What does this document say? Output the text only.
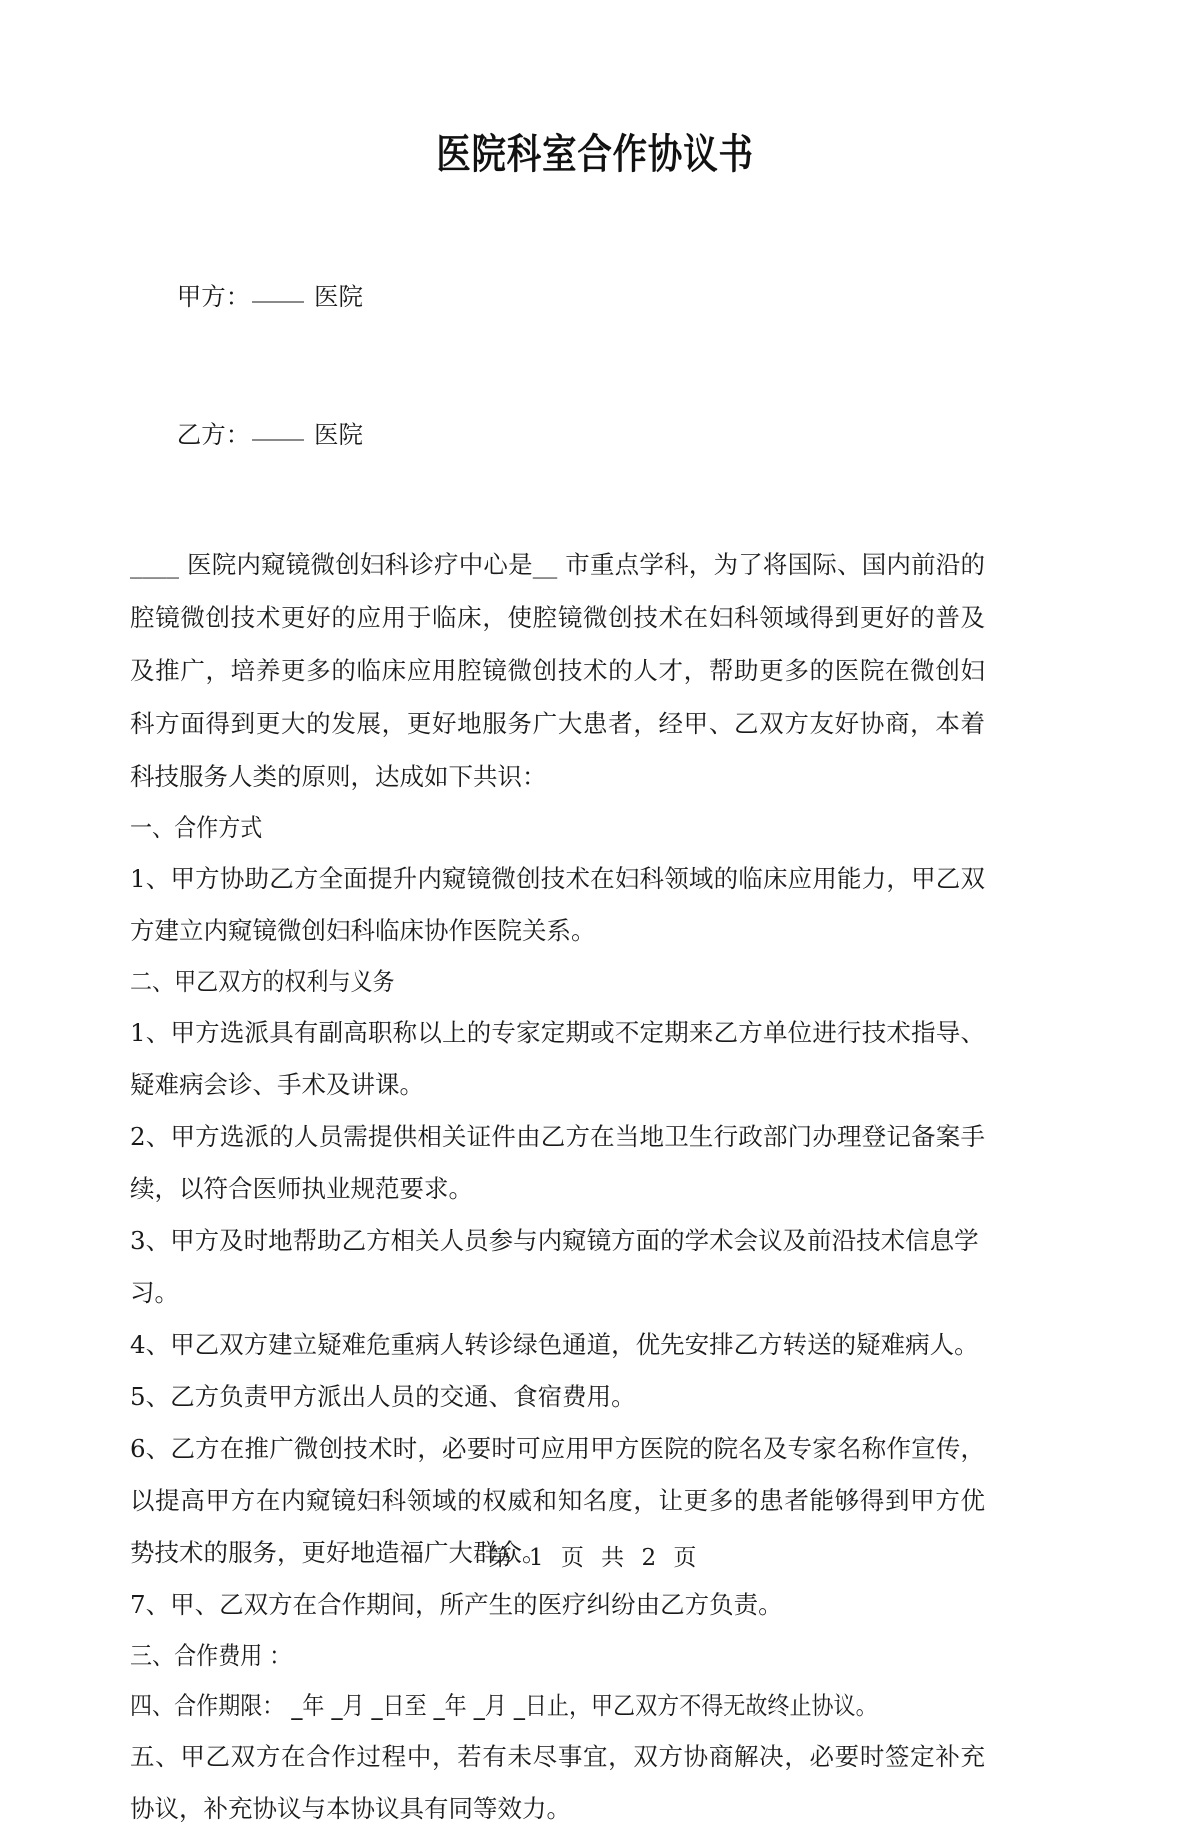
医院科室合作协议书

甲方：	医院

乙方：	医院

____ 医院内窥镜微创妇科诊疗中心是__ 市重点学科，为了将国际、国内前沿的腔镜微创技术更好的应用于临床，使腔镜微创技术在妇科领域得到更好的普及及推广，培养更多的临床应用腔镜微创技术的人才，帮助更多的医院在微创妇科方面得到更大的发展，更好地服务广大患者，经甲、乙双方友好协商，本着科技服务人类的原则，达成如下共识：
一、合作方式
1、甲方协助乙方全面提升内窥镜微创技术在妇科领域的临床应用能力，甲乙双方建立内窥镜微创妇科临床协作医院关系。
二、甲乙双方的权利与义务
1、甲方选派具有副高职称以上的专家定期或不定期来乙方单位进行技术指导、疑难病会诊、手术及讲课。
2、甲方选派的人员需提供相关证件由乙方在当地卫生行政部门办理登记备案手续，以符合医师执业规范要求。
3、甲方及时地帮助乙方相关人员参与内窥镜方面的学术会议及前沿技术信息学习。
4、甲乙双方建立疑难危重病人转诊绿色通道，优先安排乙方转送的疑难病人。
5、乙方负责甲方派出人员的交通、食宿费用。
6、乙方在推广微创技术时，必要时可应用甲方医院的院名及专家名称作宣传，以提高甲方在内窥镜妇科领域的权威和知名度，让更多的患者能够得到甲方优势技术的服务，更好地造福广大群众。
7、甲、乙双方在合作期间，所产生的医疗纠纷由乙方负责。
三、合作费用 ：
四、合作期限： _年 _月 _日至 _年 _月 _日止，甲乙双方不得无故终止协议。
五、甲乙双方在合作过程中，若有未尽事宜，双方协商解决，必要时签定补充协议，补充协议与本协议具有同等效力。
第 1 页 共 2 页
